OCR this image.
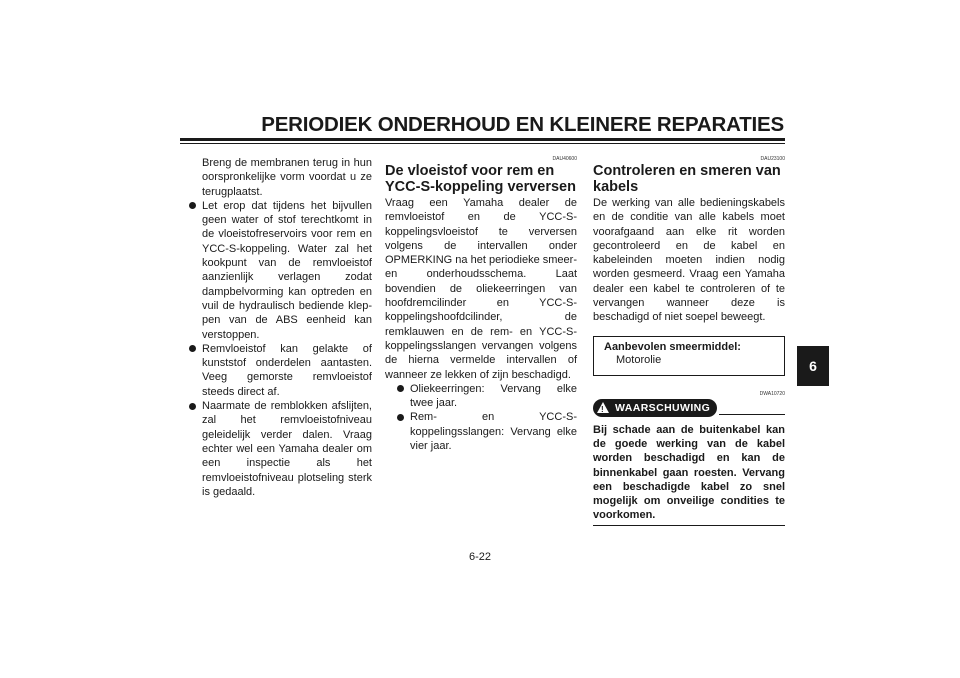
PERIODIEK ONDERHOUD EN KLEINERE REPARATIES
6

Breng de membranen terug in hun oorspronkelijke vorm voordat u ze terugplaatst.

Let erop dat tijdens het bijvullen geen water of stof terechtkomt in de vloeistofreservoirs voor rem en YCC-S-koppeling. Water zal het kookpunt van de remvloeistof aanzienlijk verlagen zodat dampbelvorming kan optreden en vuil de hydraulisch bediende klep-pen van de ABS eenheid kan verstoppen.
Remvloeistof kan gelakte of kunststof onderdelen aantasten. Veeg gemorste remvloeistof steeds direct af.
Naarmate de remblokken afslijten, zal het remvloeistofniveau geleidelijk verder dalen. Vraag echter wel een Yamaha dealer om een inspectie als het remvloeistofniveau plotseling sterk is gedaald.
DAU40600
De vloeistof voor rem en YCC-S-koppeling verversen

Vraag een Yamaha dealer de remvloeistof en de YCC-S-koppelingsvloeistof te verversen volgens de intervallen onder OPMERKING na het periodieke smeer- en onderhoudsschema. Laat bovendien de oliekeerringen van hoofdremcilinder en YCC-S-koppelingshoofdcilinder, de remklauwen en de rem- en YCC-S-koppelingsslangen vervangen volgens de hierna vermelde intervallen of wanneer ze lekken of zijn beschadigd.

Oliekeerringen: Vervang elke twee jaar.
Rem- en YCC-S-koppelingsslangen: Vervang elke vier jaar.
DAU23100
Controleren en smeren van kabels

De werking van alle bedieningskabels en de conditie van alle kabels moet voorafgaand aan elke rit worden gecontroleerd en de kabel en kabeleinden moeten indien nodig worden gesmeerd. Vraag een Yamaha dealer een kabel te controleren of te vervangen wanneer deze is beschadigd of niet soepel beweegt.

Aanbevolen smeermiddel:
Motorolie
DWA10720
! WAARSCHUWING

Bij schade aan de buitenkabel kan de goede werking van de kabel worden beschadigd en kan de binnenkabel gaan roesten. Vervang een beschadigde kabel zo snel mogelijk om onveilige condities te voorkomen.

6-22
